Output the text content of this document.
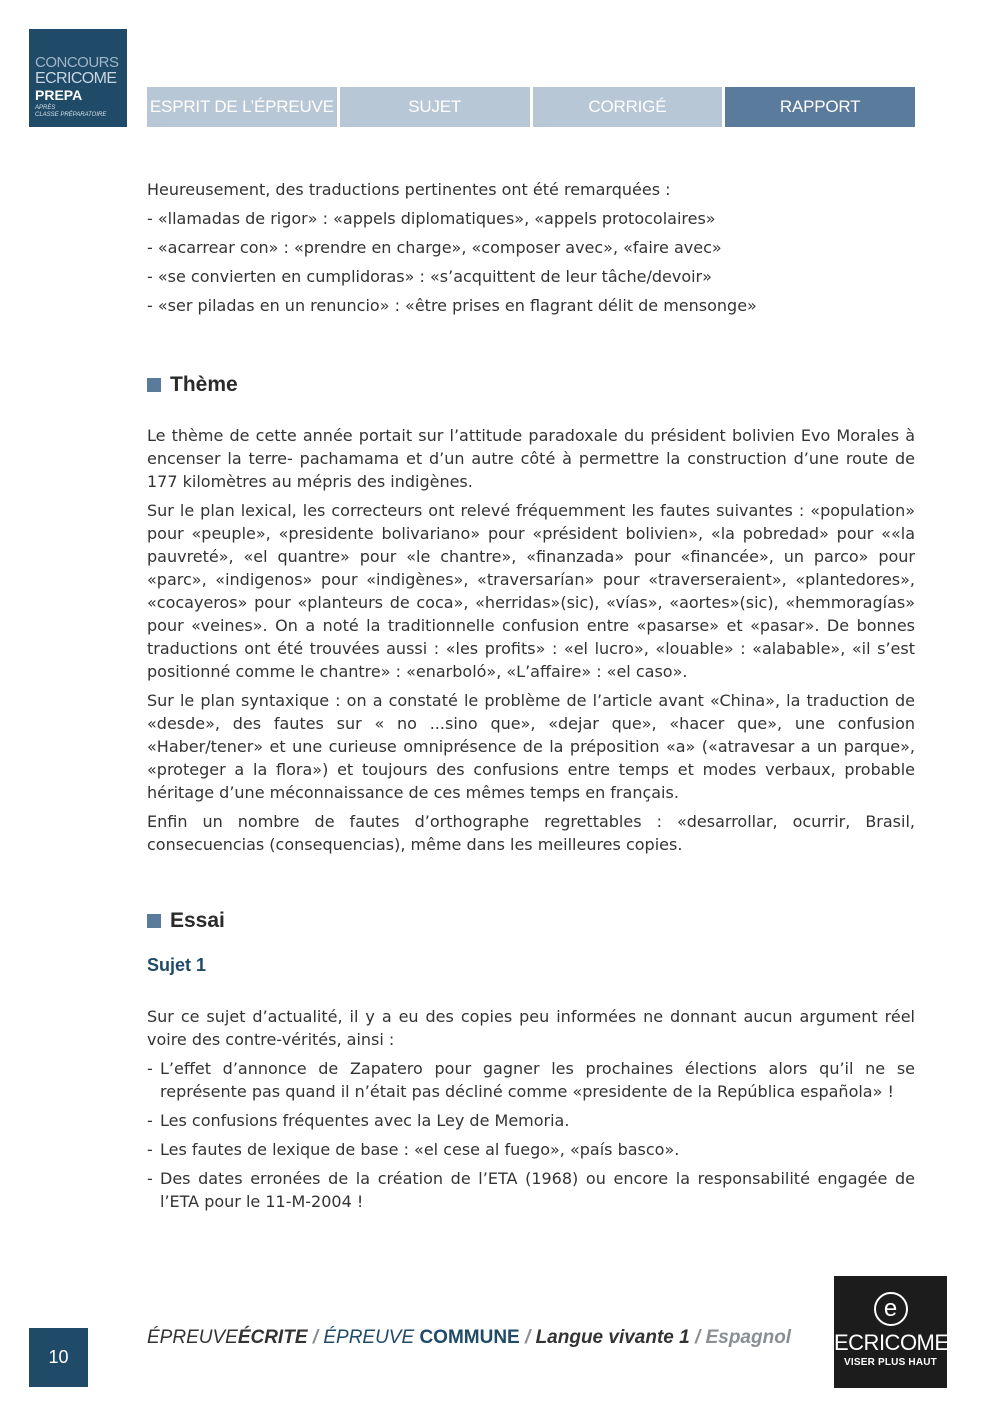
CONCOURS
ECRICOME
PREPA
APRÈS
CLASSE PRÉPARATOIRE	ESPRIT DE L’ÉPREUVE	SUJET	CORRIGÉ	RAPPORT

Heureusement, des traductions pertinentes ont été remarquées :

- «llamadas de rigor» : «appels diplomatiques», «appels protocolaires»
- «acarrear con» : «prendre en charge», «composer avec», «faire avec»
- «se convierten en cumplidoras» : «s’acquittent de leur tâche/devoir»
- «ser piladas en un renuncio» : «être prises en flagrant délit de mensonge»
Thème

Le thème de cette année portait sur l’attitude paradoxale du président bolivien Evo Morales à encenser la terre- pachamama et d’un autre côté à permettre la construction d’une route de 177 kilomètres au mépris des indigènes.

Sur le plan lexical, les correcteurs ont relevé fréquemment les fautes suivantes : «population» pour «peuple», «presidente bolivariano» pour «président bolivien», «la pobredad» pour ««la pauvreté», «el quantre» pour «le chantre», «finanzada» pour «financée», un parco» pour «parc», «indigenos» pour «indigènes», «traversarían» pour «traverseraient», «plantedores», «cocayeros» pour «planteurs de coca», «herridas»(sic), «vías», «aortes»(sic), «hemmoragías» pour «veines». On a noté la traditionnelle confusion entre «pasarse» et «pasar». De bonnes traductions ont été trouvées aussi : «les profits» : «el lucro», «louable» : «alabable», «il s’est positionné comme le chantre» : «enarboló», «L’affaire» : «el caso».

Sur le plan syntaxique : on a constaté le problème de l’article avant «China», la traduction de «desde», des fautes sur « no ...sino que», «dejar que», «hacer que», une confusion «Haber/tener» et une curieuse omniprésence de la préposition «a» («atravesar a un parque», «proteger a la flora») et toujours des confusions entre temps et modes verbaux, probable héritage d’une méconnaissance de ces mêmes temps en français.

Enfin un nombre de fautes d’orthographe regrettables : «desarrollar, ocurrir, Brasil, consecuencias (consequencias), même dans les meilleures copies.

Essai
Sujet 1

Sur ce sujet d’actualité, il y a eu des copies peu informées ne donnant aucun argument réel voire des contre-vérités, ainsi :

- L’effet d’annonce de Zapatero pour gagner les prochaines élections alors qu’il ne se représente pas quand il n’était pas décliné comme «presidente de la República española» !
- Les confusions fréquentes avec la Ley de Memoria.
- Les fautes de lexique de base : «el cese al fuego», «país basco».
- Des dates erronées de la création de l’ETA (1968) ou encore la responsabilité engagée de l’ETA pour le 11-M-2004 !
10
ÉPREUVEÉCRITE / ÉPREUVE COMMUNE / Langue vivante 1 / Espagnol
e
ECRICOME
VISER PLUS HAUT
